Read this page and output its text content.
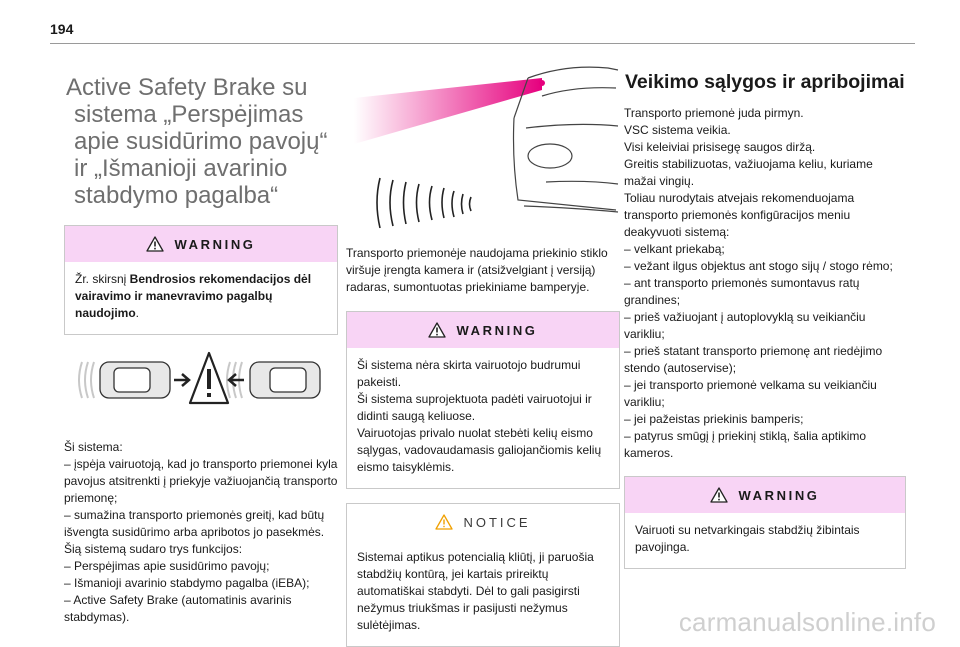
194
Active Safety Brake su sistema „Perspėjimas apie susidūrimo pavojų“ ir „Išmanioji avarinio stabdymo pagalba“
WARNING
Žr. skirsnį Bendrosios rekomendacijos dėl vairavimo ir manevravimo pagalbų naudojimo.
Ši sistema:
– įspėja vairuotoją, kad jo transporto priemonei kyla pavojus atsitrenkti į priekyje važiuojančią transporto priemonę;
– sumažina transporto priemonės greitį, kad būtų išvengta susidūrimo arba apribotos jo pasekmės.
Šią sistemą sudaro trys funkcijos:
– Perspėjimas apie susidūrimo pavojų;
– Išmanioji avarinio stabdymo pagalba (iEBA);
– Active Safety Brake (automatinis avarinis stabdymas).
Transporto priemonėje naudojama priekinio stiklo viršuje įrengta kamera ir (atsižvelgiant į versiją) radaras, sumontuotas priekiniame bamperyje.
WARNING
Ši sistema nėra skirta vairuotojo budrumui pakeisti.
Ši sistema suprojektuota padėti vairuotojui ir didinti saugą keliuose.
Vairuotojas privalo nuolat stebėti kelių eismo sąlygas, vadovaudamasis galiojančiomis kelių eismo taisyklėmis.
NOTICE
Sistemai aptikus potencialią kliūtį, ji paruošia stabdžių kontūrą, jei kartais prireiktų automatiškai stabdyti. Dėl to gali pasigirsti nežymus triukšmas ir pasijusti nežymus sulėtėjimas.
Veikimo sąlygos ir apribojimai
Transporto priemonė juda pirmyn.
VSC sistema veikia.
Visi keleiviai prisisegę saugos diržą.
Greitis stabilizuotas, važiuojama keliu, kuriame mažai vingių.
Toliau nurodytais atvejais rekomenduojama transporto priemonės konfigūracijos meniu deakyvuoti sistemą:
– velkant priekabą;
– vežant ilgus objektus ant stogo sijų / stogo rėmo;
– ant transporto priemonės sumontavus ratų grandines;
– prieš važiuojant į autoplovyklą su veikiančiu varikliu;
– prieš statant transporto priemonę ant riedėjimo stendo (autoservise);
– jei transporto priemonė velkama su veikiančiu varikliu;
– jei pažeistas priekinis bamperis;
– patyrus smūgį į priekinį stiklą, šalia aptikimo kameros.
WARNING
Vairuoti su netvarkingais stabdžių žibintais pavojinga.
carmanualsonline.info
